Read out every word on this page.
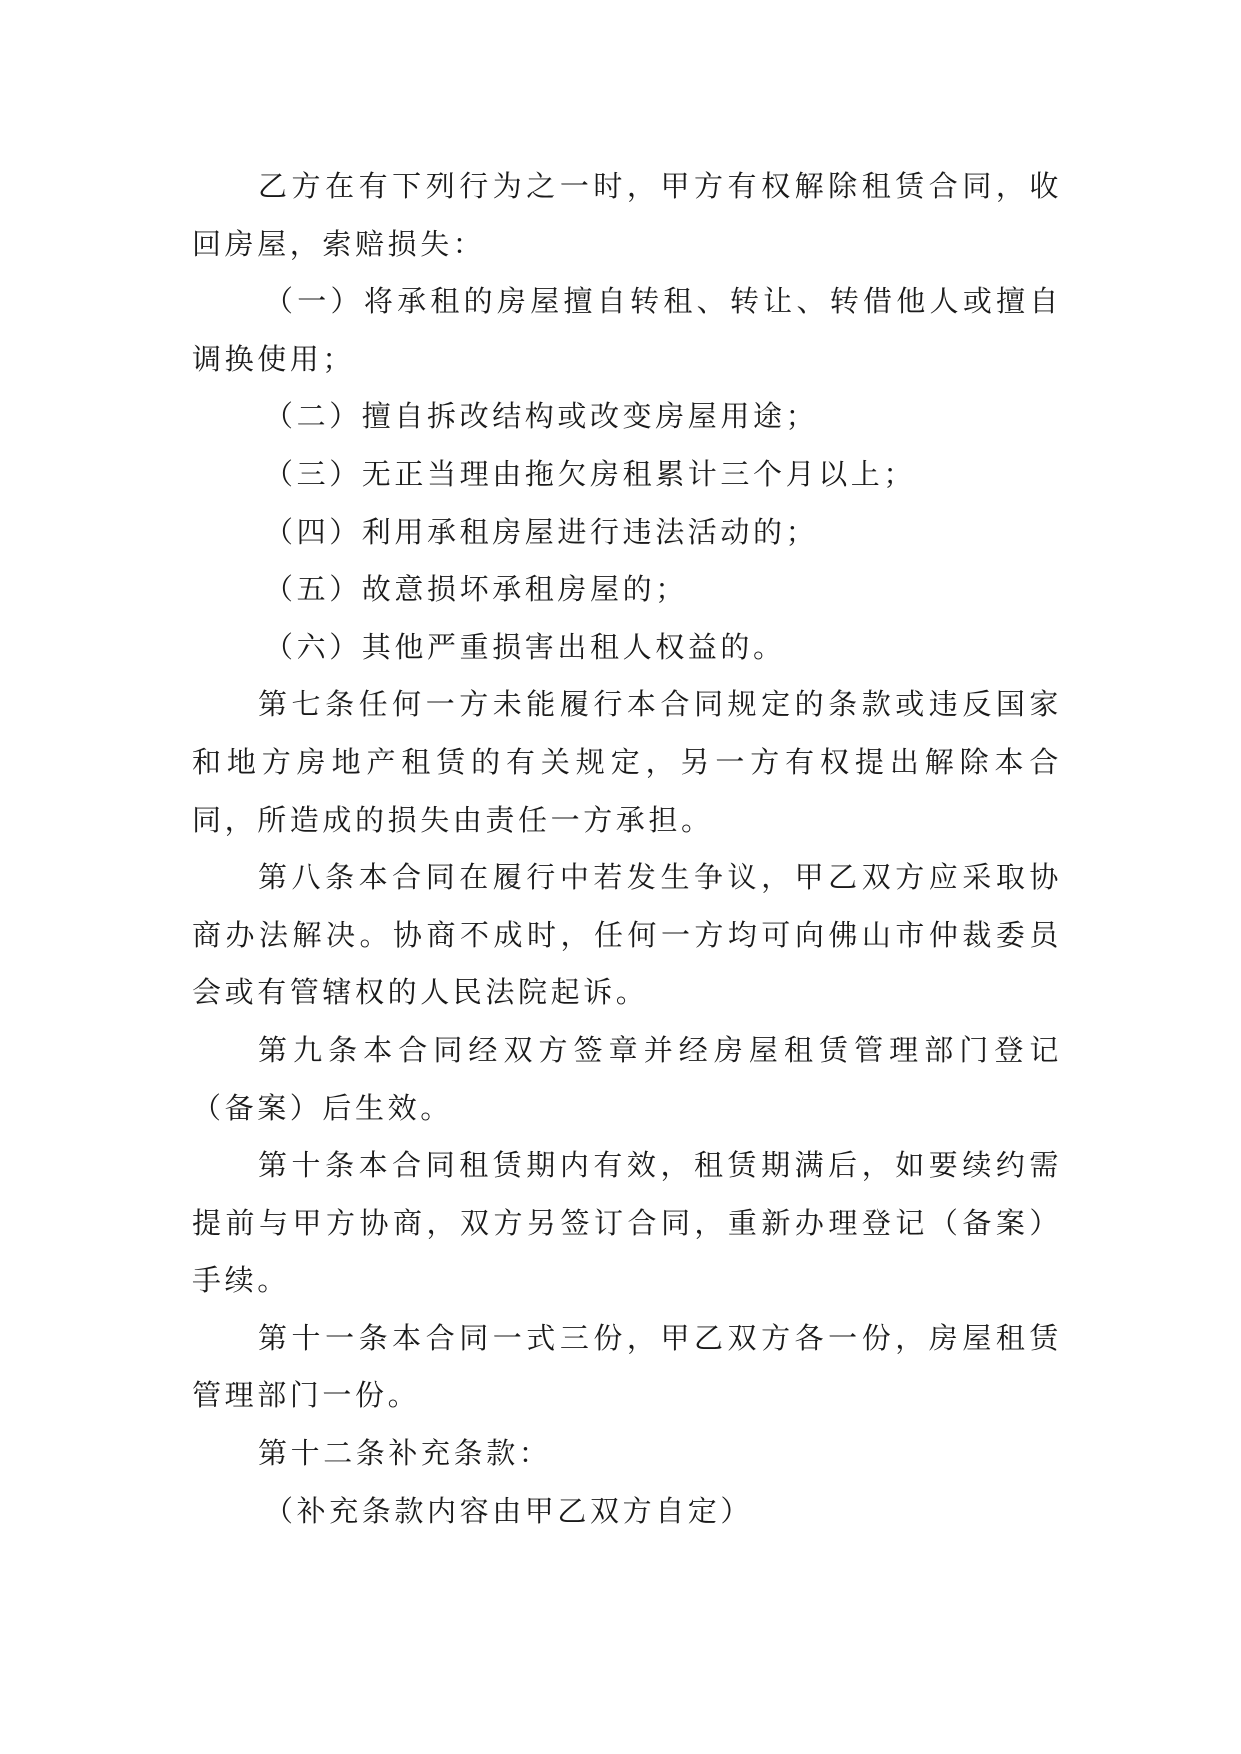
乙方在有下列行为之一时，甲方有权解除租赁合同，收回房屋，索赔损失：

（一）将承租的房屋擅自转租、转让、转借他人或擅自调换使用；

（二）擅自拆改结构或改变房屋用途；

（三）无正当理由拖欠房租累计三个月以上；

（四）利用承租房屋进行违法活动的；

（五）故意损坏承租房屋的；

（六）其他严重损害出租人权益的。

第七条任何一方未能履行本合同规定的条款或违反国家和地方房地产租赁的有关规定，另一方有权提出解除本合同，所造成的损失由责任一方承担。

第八条本合同在履行中若发生争议，甲乙双方应采取协商办法解决。协商不成时，任何一方均可向佛山市仲裁委员会或有管辖权的人民法院起诉。

第九条本合同经双方签章并经房屋租赁管理部门登记（备案）后生效。

第十条本合同租赁期内有效，租赁期满后，如要续约需提前与甲方协商，双方另签订合同，重新办理登记（备案）手续。

第十一条本合同一式三份，甲乙双方各一份，房屋租赁管理部门一份。

第十二条补充条款：

（补充条款内容由甲乙双方自定）
